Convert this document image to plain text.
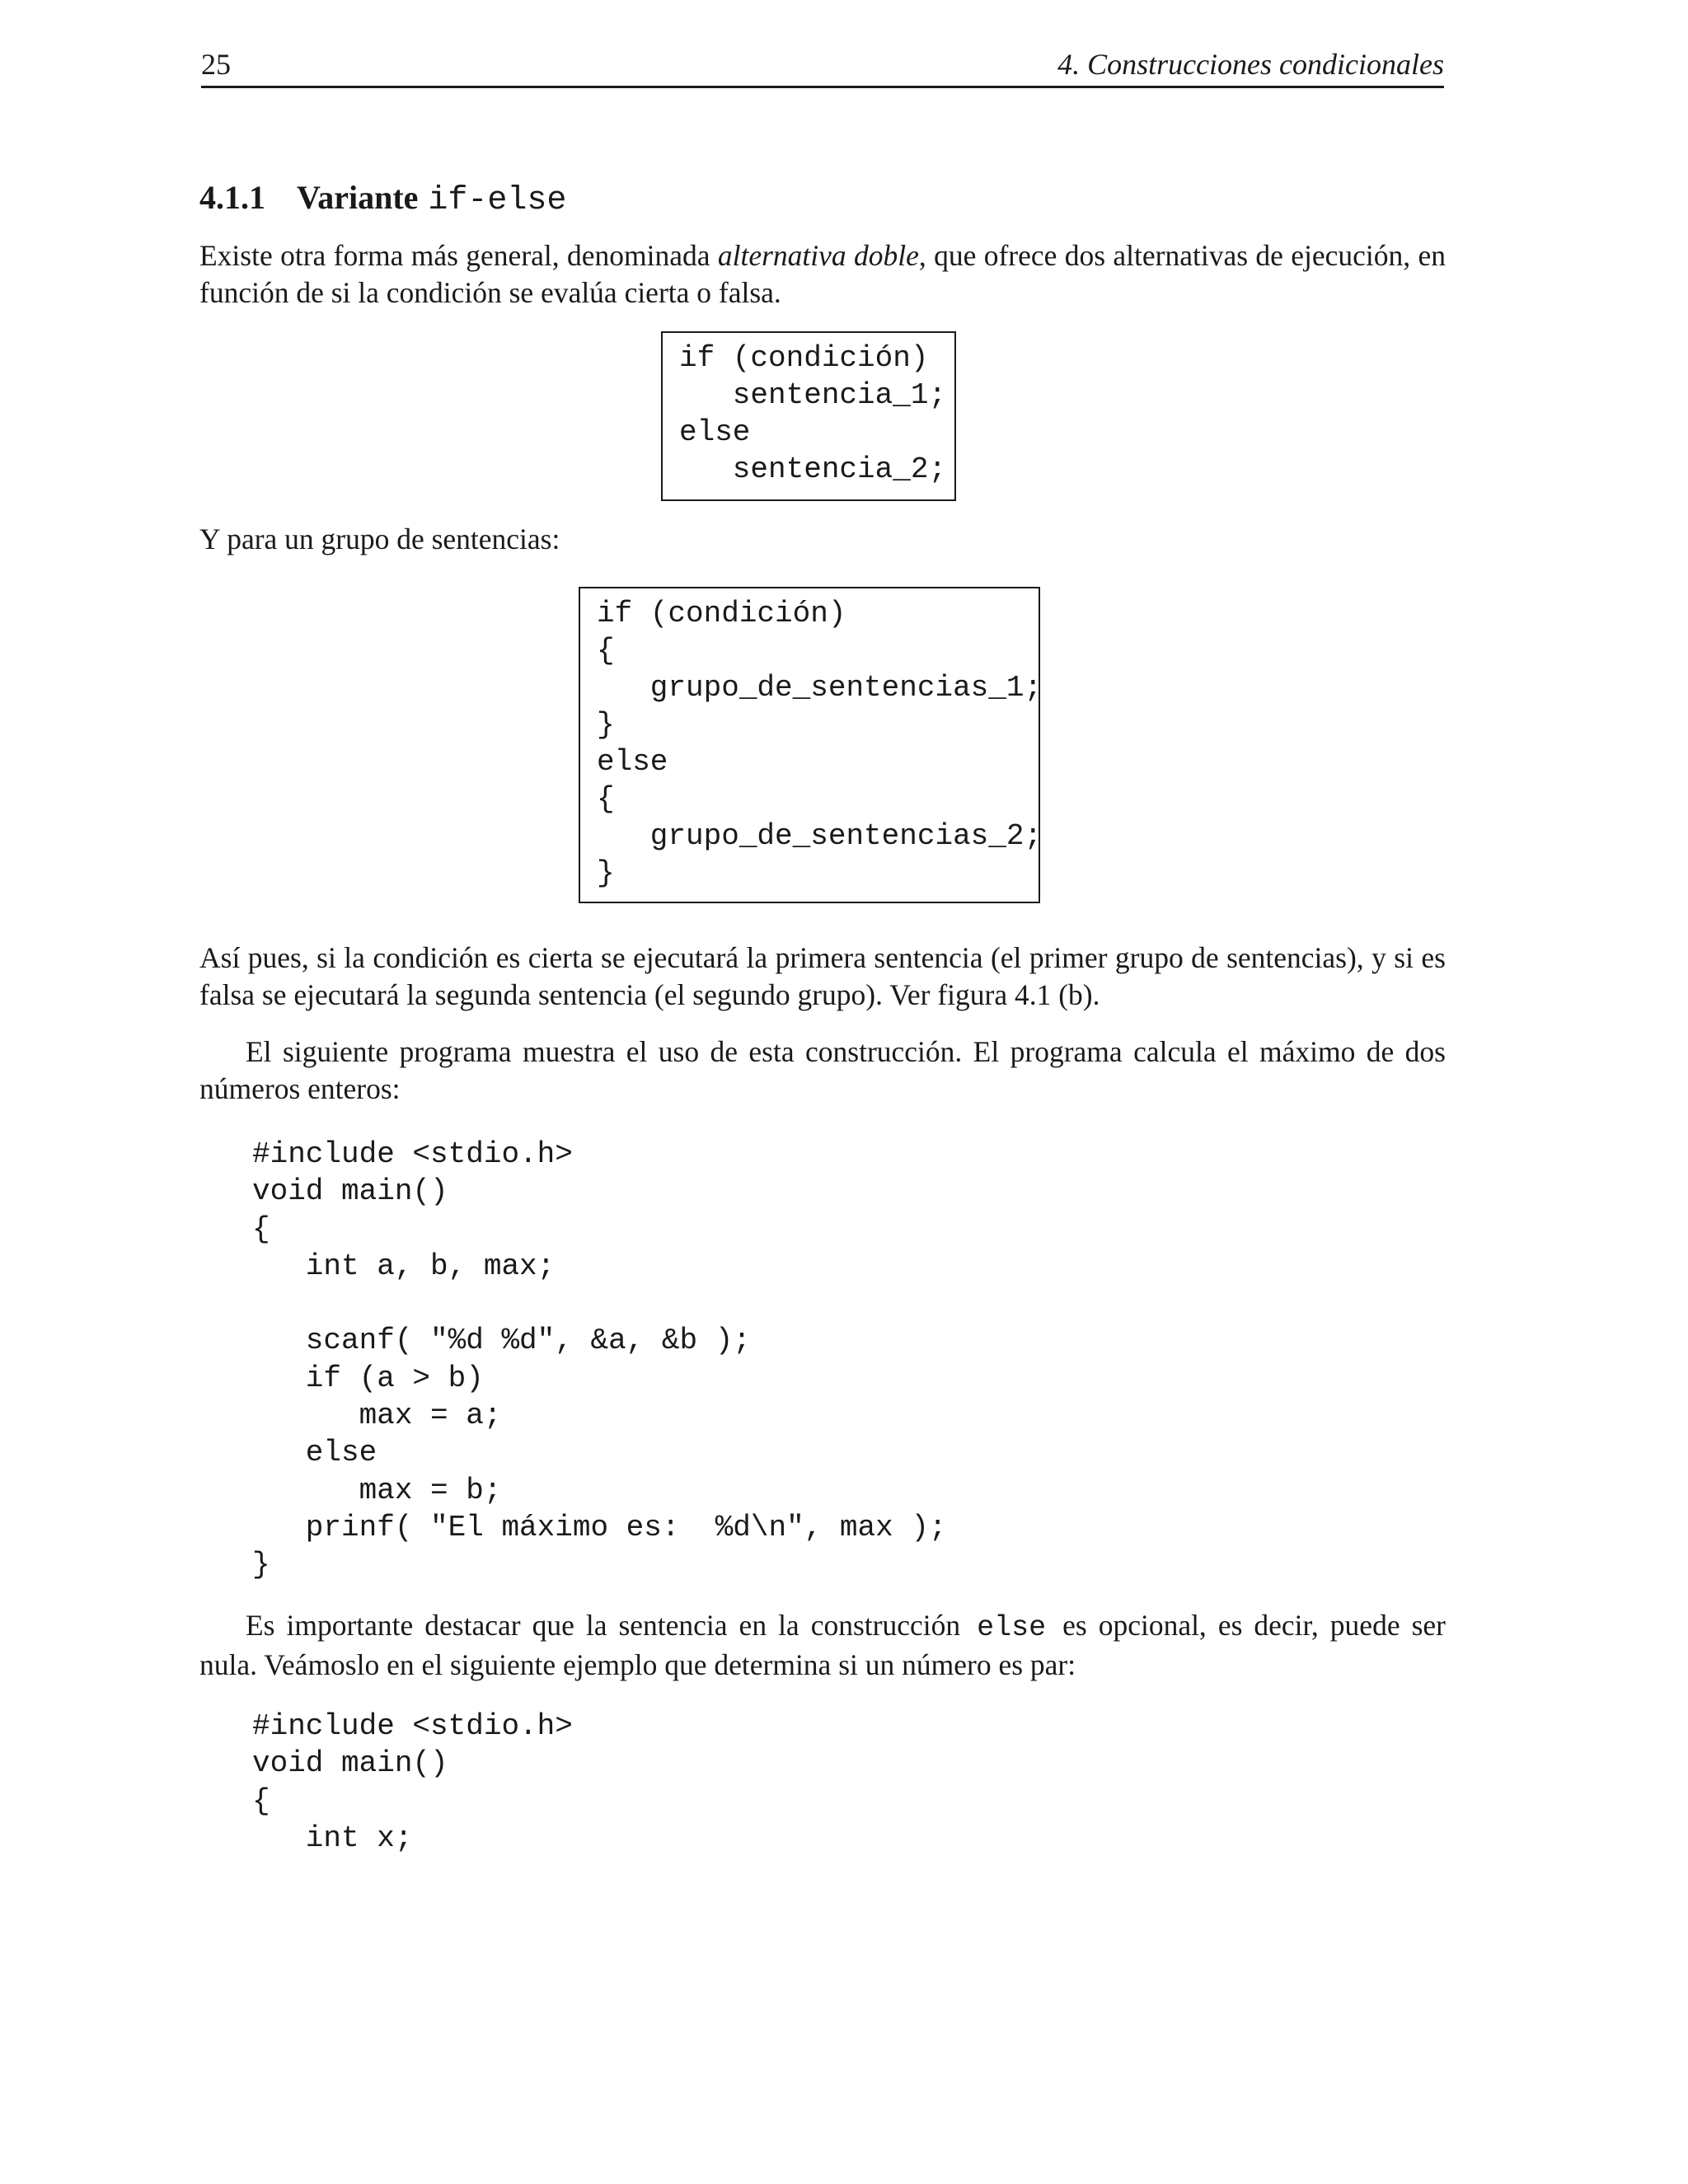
25	4. Construcciones condicionales
4.1.1 Variante if-else
Existe otra forma más general, denominada alternativa doble, que ofrece dos alternativas de ejecución, en función de si la condición se evalúa cierta o falsa.
if (condición)
sentencia_1;
else
sentencia_2;
Y para un grupo de sentencias:
if (condición)
{
grupo_de_sentencias_1;
}
else
{
grupo_de_sentencias_2;
}
Así pues, si la condición es cierta se ejecutará la primera sentencia (el primer grupo de sentencias), y si es falsa se ejecutará la segunda sentencia (el segundo grupo). Ver figura 4.1 (b).
El siguiente programa muestra el uso de esta construcción. El programa calcula el máximo de dos números enteros:
#include <stdio.h>
void main()
{
int a, b, max;
scanf( "%d %d", &a, &b );
if (a > b)
max = a;
else
max = b;
prinf( "El máximo es:  %d\n", max );
}
Es importante destacar que la sentencia en la construcción else es opcional, es decir, puede ser nula. Veámoslo en el siguiente ejemplo que determina si un número es par:
#include <stdio.h>
void main()
{
int x;
